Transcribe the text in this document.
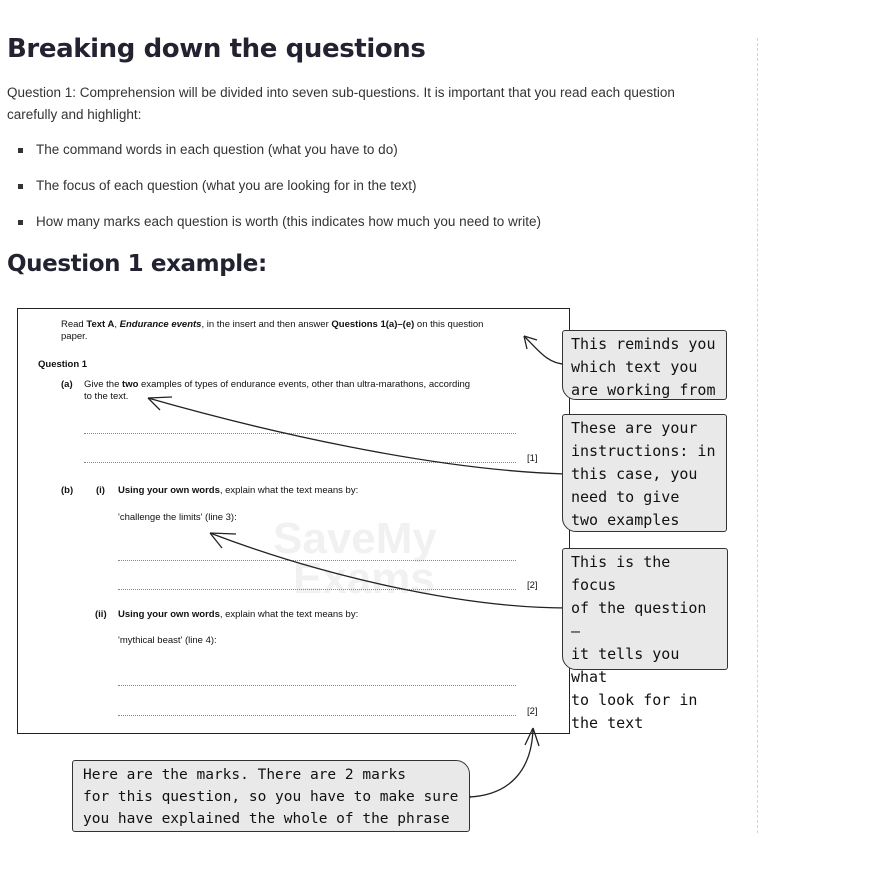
Breaking down the questions
Question 1: Comprehension will be divided into seven sub-questions. It is important that you read each question carefully and highlight:
The command words in each question (what you have to do)
The focus of each question (what you are looking for in the text)
How many marks each question is worth (this indicates how much you need to write)
Question 1 example:
SaveMy
Exams
Read Text A, Endurance events, in the insert and then answer Questions 1(a)–(e) on this question
paper.
Question 1
(a) Give the two examples of types of endurance events, other than ultra-marathons, according
to the text.
[1]
(b) (i) Using your own words, explain what the text means by:
'challenge the limits' (line 3):
[2]
(ii) Using your own words, explain what the text means by:
'mythical beast' (line 4):
[2]
This reminds you
which text you
are working from
These are your
instructions: in
this case, you
need to give
two examples
This is the focus
of the question –
it tells you what
to look for in
the text
Here are the marks. There are 2 marks
for this question, so you have to make sure
you have explained the whole of the phrase
